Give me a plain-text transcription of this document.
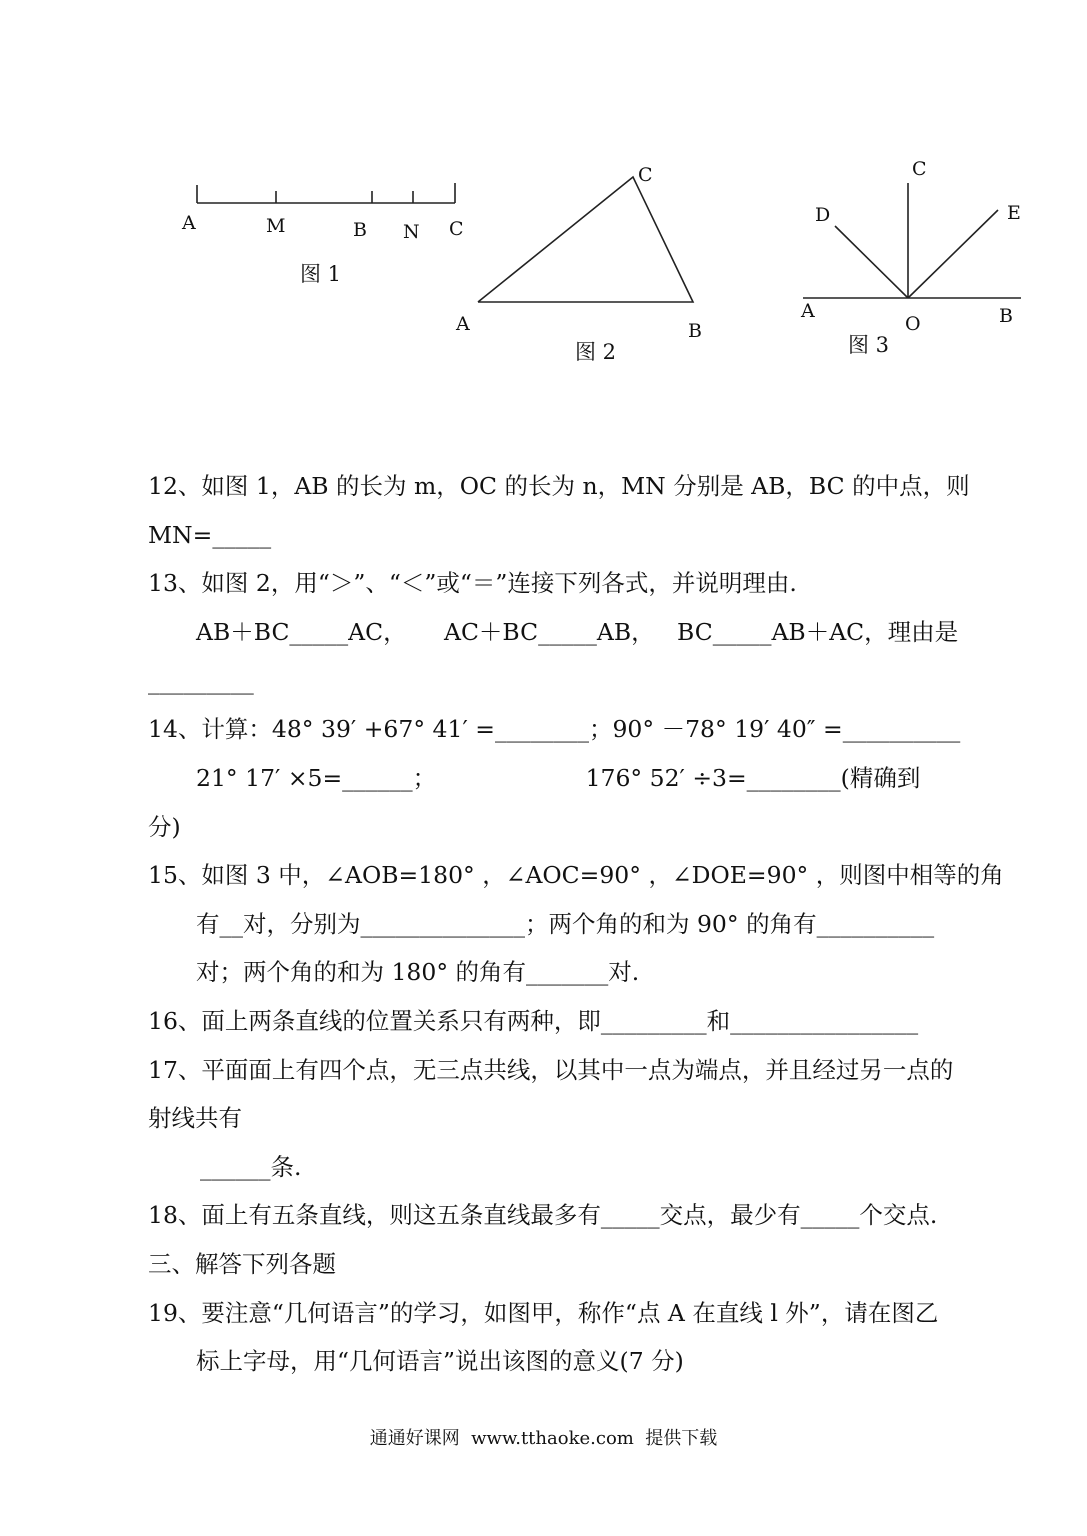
A	M	B N C
图 1
A	B
C
图 2
A
O	B
C
D	E
图 3
12、如图 1，AB 的长为 m，OC 的长为 n，MN 分别是 AB，BC 的中点，则
MN=_____
13、如图 2，用“＞”、“＜”或“＝”连接下列各式，并说明理由.
AB＋BC_____AC，     AC＋BC_____AB，   BC_____AB＋AC，理由是
_________
14、计算：48° 39′ +67° 41′ =________；90° －78° 19′ 40″ =__________
21° 17′ ×5=______；                    176° 52′ ÷3=________(精确到
分)
15、如图 3 中，∠AOB=180° ，∠AOC=90° ，∠DOE=90° ，则图中相等的角
有__对，分别为______________；两个角的和为 90° 的角有__________
对；两个角的和为 180° 的角有_______对.
16、面上两条直线的位置关系只有两种，即_________和________________
17、平面面上有四个点，无三点共线，以其中一点为端点，并且经过另一点的
射线共有
______条.
18、面上有五条直线，则这五条直线最多有_____交点，最少有_____个交点.
三、解答下列各题
19、要注意“几何语言”的学习，如图甲，称作“点 A 在直线 l 外”，请在图乙
标上字母，用“几何语言”说出该图的意义(7 分)
通通好课网  www.tthaoke.com  提供下载
